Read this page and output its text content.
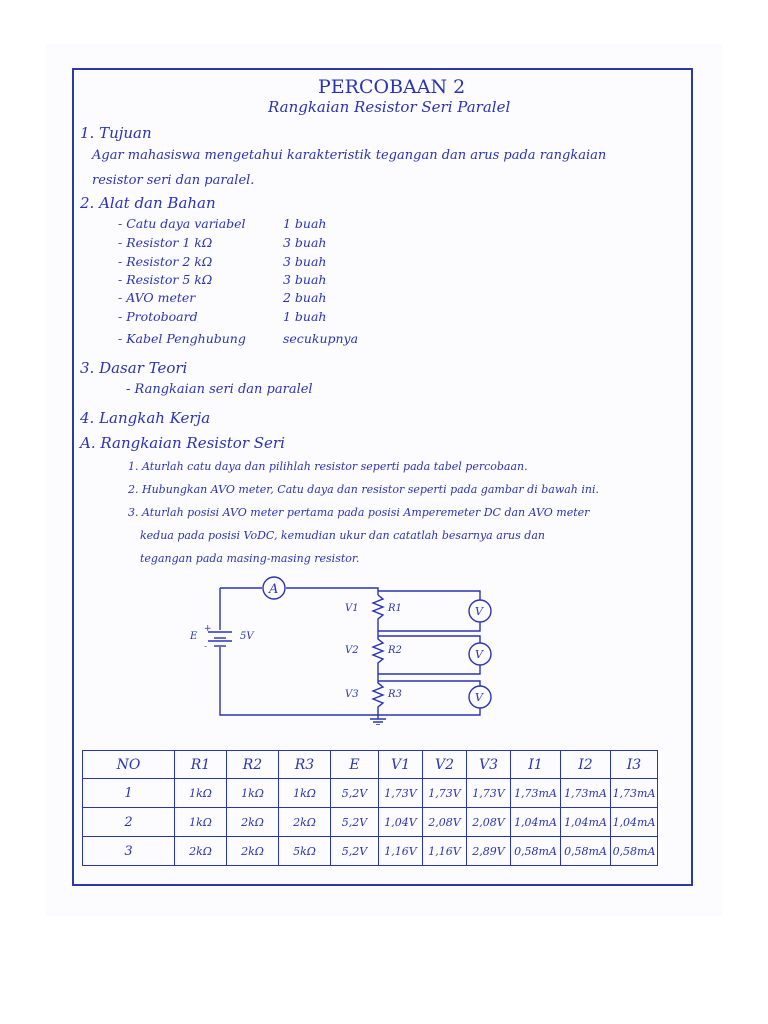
PERCOBAAN 2
Rangkaian Resistor Seri Paralel
1. Tujuan
Agar mahasiswa mengetahui karakteristik tegangan dan arus pada rangkaian
resistor seri dan paralel.
2. Alat dan Bahan
- Catu daya variabel	1 buah
- Resistor 1 kΩ	3 buah
- Resistor 2 kΩ	3 buah
- Resistor 5 kΩ	3 buah
- AVO meter	2 buah
- Protoboard	1 buah
- Kabel Penghubung	secukupnya
3. Dasar Teori
- Rangkaian seri dan paralel
4. Langkah Kerja
A. Rangkaian Resistor Seri
1. Aturlah catu daya dan pilihlah resistor seperti pada tabel percobaan.
2. Hubungkan AVO meter, Catu daya dan resistor seperti pada gambar di bawah ini.
3. Aturlah posisi AVO meter pertama pada posisi Amperemeter DC dan AVO meter
kedua pada posisi VoDC, kemudian ukur dan catatlah besarnya arus dan
tegangan pada masing-masing resistor.
A
E	5V
+
-
R1
R2
R3
V1
V2
V3
V
V
V
NO	R1	R2	R3	E	V1	V2	V3	I1	I2	I3
1	1kΩ	1kΩ	1kΩ	5,2V	1,73V	1,73V	1,73V	1,73mA	1,73mA	1,73mA
2	1kΩ	2kΩ	2kΩ	5,2V	1,04V	2,08V	2,08V	1,04mA	1,04mA	1,04mA
3	2kΩ	2kΩ	5kΩ	5,2V	1,16V	1,16V	2,89V	0,58mA	0,58mA	0,58mA
